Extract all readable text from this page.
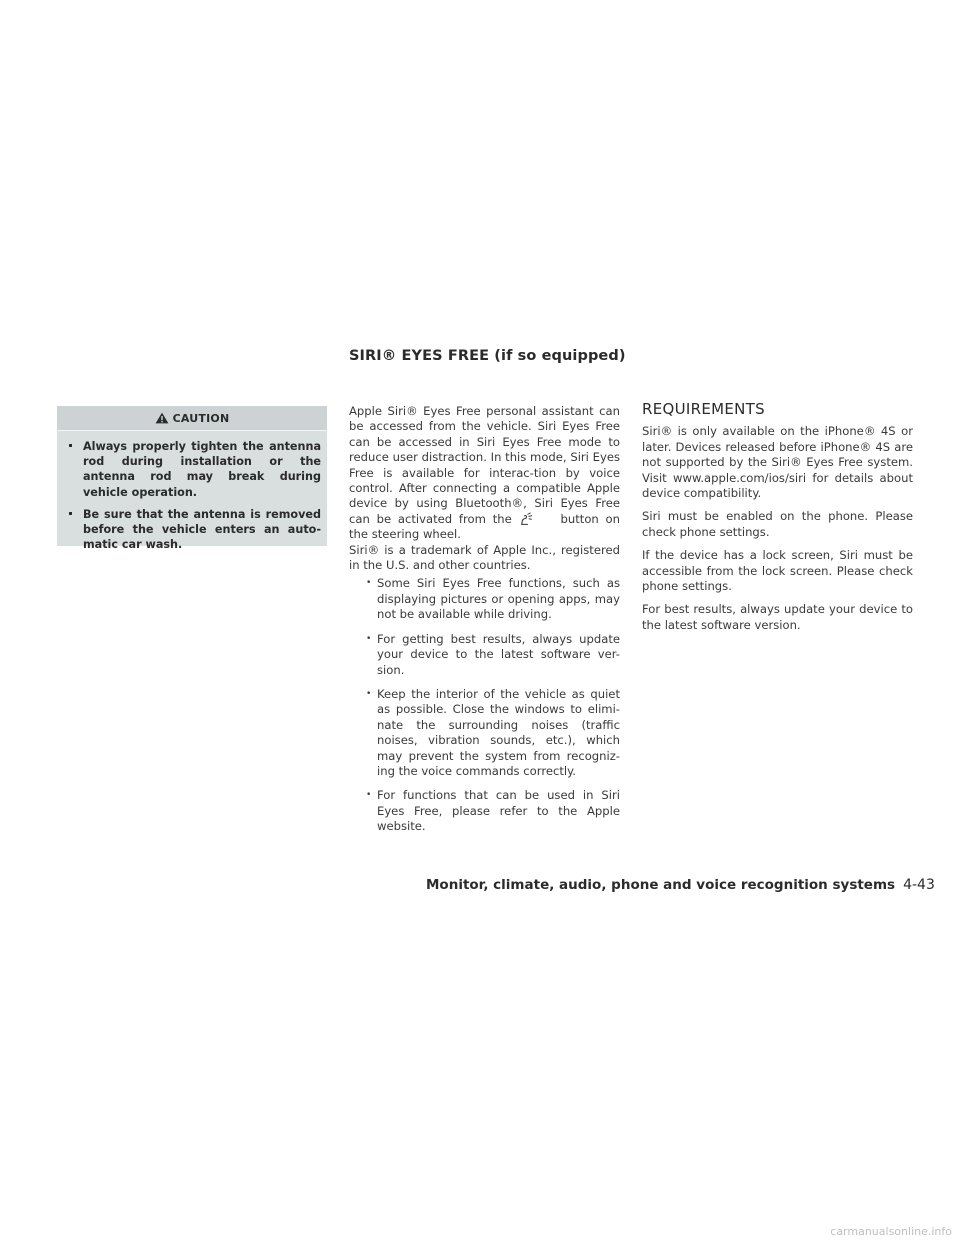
SIRI® EYES FREE (if so equipped)
CAUTION
Always properly tighten the antenna rod during installation or the antenna rod may break during vehicle operation.
Be sure that the antenna is removed before the vehicle enters an auto-matic car wash.

Apple Siri® Eyes Free personal assistant can be accessed from the vehicle. Siri Eyes Free can be accessed in Siri Eyes Free mode to reduce user distraction. In this mode, Siri Eyes Free is available for interac-tion by voice control. After connecting a compatible Apple device by using Bluetooth®, Siri Eyes Free can be activated from the	button on the steering wheel.

Siri® is a trademark of Apple Inc., registered in the U.S. and other countries.

• Some Siri Eyes Free functions, such as displaying pictures or opening apps, may not be available while driving.
• For getting best results, always update your device to the latest software ver-sion.
• Keep the interior of the vehicle as quiet as possible. Close the windows to elimi-nate the surrounding noises (traffic noises, vibration sounds, etc.), which may prevent the system from recogniz-ing the voice commands correctly.
• For functions that can be used in Siri Eyes Free, please refer to the Apple website.
REQUIREMENTS

Siri® is only available on the iPhone® 4S or later. Devices released before iPhone® 4S are not supported by the Siri® Eyes Free system. Visit www.apple.com/ios/siri for details about device compatibility.

Siri must be enabled on the phone. Please check phone settings.

If the device has a lock screen, Siri must be accessible from the lock screen. Please check phone settings.

For best results, always update your device to the latest software version.

Monitor, climate, audio, phone and voice recognition systems 4-43
carmanualsonline.info
